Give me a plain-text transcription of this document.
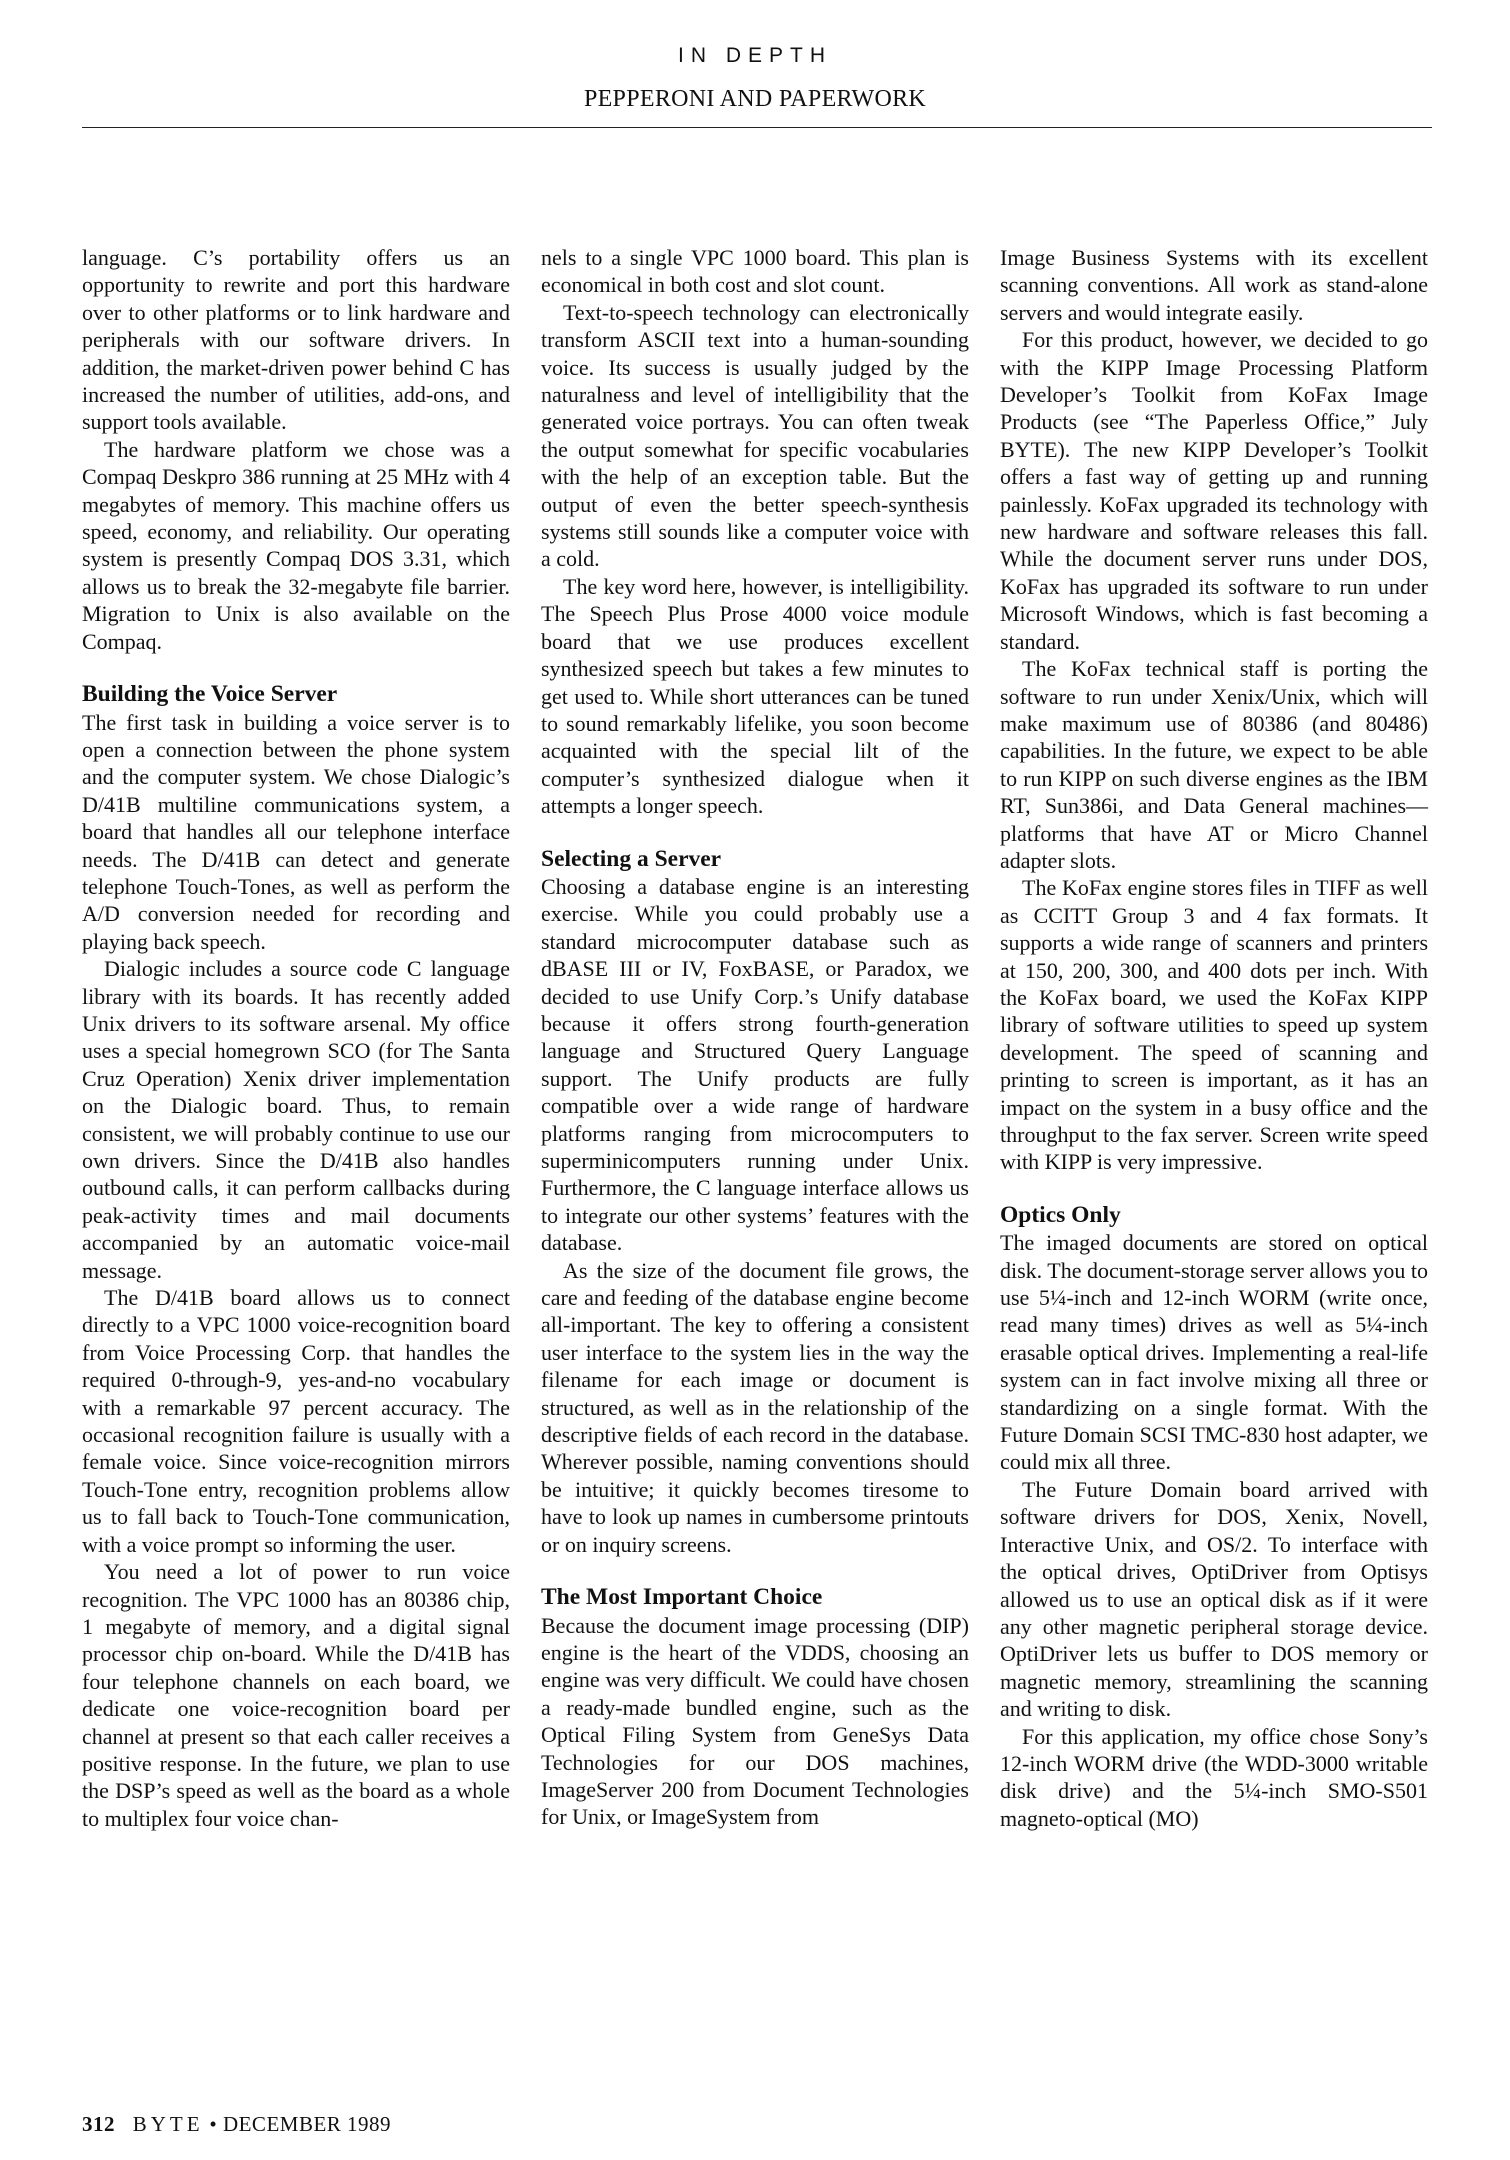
IN DEPTH
PEPPERONI AND PAPERWORK

language. C’s portability offers us an opportunity to rewrite and port this hardware over to other platforms or to link hardware and peripherals with our software drivers. In addition, the market-driven power behind C has increased the number of utilities, add-ons, and support tools available.

The hardware platform we chose was a Compaq Deskpro 386 running at 25 MHz with 4 megabytes of memory. This machine offers us speed, economy, and reliability. Our operating system is presently Compaq DOS 3.31, which allows us to break the 32-megabyte file barrier. Migration to Unix is also available on the Compaq.

Building the Voice Server

The first task in building a voice server is to open a connection between the phone system and the computer system. We chose Dialogic’s D/41B multiline communications system, a board that handles all our telephone interface needs. The D/41B can detect and generate telephone Touch-Tones, as well as perform the A/D conversion needed for recording and playing back speech.

Dialogic includes a source code C language library with its boards. It has recently added Unix drivers to its software arsenal. My office uses a special homegrown SCO (for The Santa Cruz Operation) Xenix driver implementation on the Dialogic board. Thus, to remain consistent, we will probably continue to use our own drivers. Since the D/41B also handles outbound calls, it can perform callbacks during peak-activity times and mail documents accompanied by an automatic voice-mail message.

The D/41B board allows us to connect directly to a VPC 1000 voice-recognition board from Voice Processing Corp. that handles the required 0-through-9, yes-and-no vocabulary with a remarkable 97 percent accuracy. The occasional recognition failure is usually with a female voice. Since voice-recognition mirrors Touch-Tone entry, recognition problems allow us to fall back to Touch-Tone communication, with a voice prompt so informing the user.

You need a lot of power to run voice recognition. The VPC 1000 has an 80386 chip, 1 megabyte of memory, and a digital signal processor chip on-board. While the D/41B has four telephone channels on each board, we dedicate one voice-recognition board per channel at present so that each caller receives a positive response. In the future, we plan to use the DSP’s speed as well as the board as a whole to multiplex four voice chan-

nels to a single VPC 1000 board. This plan is economical in both cost and slot count.

Text-to-speech technology can electronically transform ASCII text into a human-sounding voice. Its success is usually judged by the naturalness and level of intelligibility that the generated voice portrays. You can often tweak the output somewhat for specific vocabularies with the help of an exception table. But the output of even the better speech-synthesis systems still sounds like a computer voice with a cold.

The key word here, however, is intelligibility. The Speech Plus Prose 4000 voice module board that we use produces excellent synthesized speech but takes a few minutes to get used to. While short utterances can be tuned to sound remarkably lifelike, you soon become acquainted with the special lilt of the computer’s synthesized dialogue when it attempts a longer speech.

Selecting a Server

Choosing a database engine is an interesting exercise. While you could probably use a standard microcomputer database such as dBASE III or IV, FoxBASE, or Paradox, we decided to use Unify Corp.’s Unify database because it offers strong fourth-generation language and Structured Query Language support. The Unify products are fully compatible over a wide range of hardware platforms ranging from microcomputers to superminicomputers running under Unix. Furthermore, the C language interface allows us to integrate our other systems’ features with the database.

As the size of the document file grows, the care and feeding of the database engine become all-important. The key to offering a consistent user interface to the system lies in the way the filename for each image or document is structured, as well as in the relationship of the descriptive fields of each record in the database. Wherever possible, naming conventions should be intuitive; it quickly becomes tiresome to have to look up names in cumbersome printouts or on inquiry screens.

The Most Important Choice

Because the document image processing (DIP) engine is the heart of the VDDS, choosing an engine was very difficult. We could have chosen a ready-made bundled engine, such as the Optical Filing System from GeneSys Data Technologies for our DOS machines, ImageServer 200 from Document Technologies for Unix, or ImageSystem from

Image Business Systems with its excellent scanning conventions. All work as stand-alone servers and would integrate easily.

For this product, however, we decided to go with the KIPP Image Processing Platform Developer’s Toolkit from KoFax Image Products (see “The Paperless Office,” July BYTE). The new KIPP Developer’s Toolkit offers a fast way of getting up and running painlessly. KoFax upgraded its technology with new hardware and software releases this fall. While the document server runs under DOS, KoFax has upgraded its software to run under Microsoft Windows, which is fast becoming a standard.

The KoFax technical staff is porting the software to run under Xenix/Unix, which will make maximum use of 80386 (and 80486) capabilities. In the future, we expect to be able to run KIPP on such diverse engines as the IBM RT, Sun386i, and Data General machines—platforms that have AT or Micro Channel adapter slots.

The KoFax engine stores files in TIFF as well as CCITT Group 3 and 4 fax formats. It supports a wide range of scanners and printers at 150, 200, 300, and 400 dots per inch. With the KoFax board, we used the KoFax KIPP library of software utilities to speed up system development. The speed of scanning and printing to screen is important, as it has an impact on the system in a busy office and the throughput to the fax server. Screen write speed with KIPP is very impressive.

Optics Only

The imaged documents are stored on optical disk. The document-storage server allows you to use 5¼-inch and 12-inch WORM (write once, read many times) drives as well as 5¼-inch erasable optical drives. Implementing a real-life system can in fact involve mixing all three or standardizing on a single format. With the Future Domain SCSI TMC-830 host adapter, we could mix all three.

The Future Domain board arrived with software drivers for DOS, Xenix, Novell, Interactive Unix, and OS/2. To interface with the optical drives, OptiDriver from Optisys allowed us to use an optical disk as if it were any other magnetic peripheral storage device. OptiDriver lets us buffer to DOS memory or magnetic memory, streamlining the scanning and writing to disk.

For this application, my office chose Sony’s 12-inch WORM drive (the WDD-3000 writable disk drive) and the 5¼-inch SMO-S501 magneto-optical (MO)

312 BYTE • DECEMBER 1989
